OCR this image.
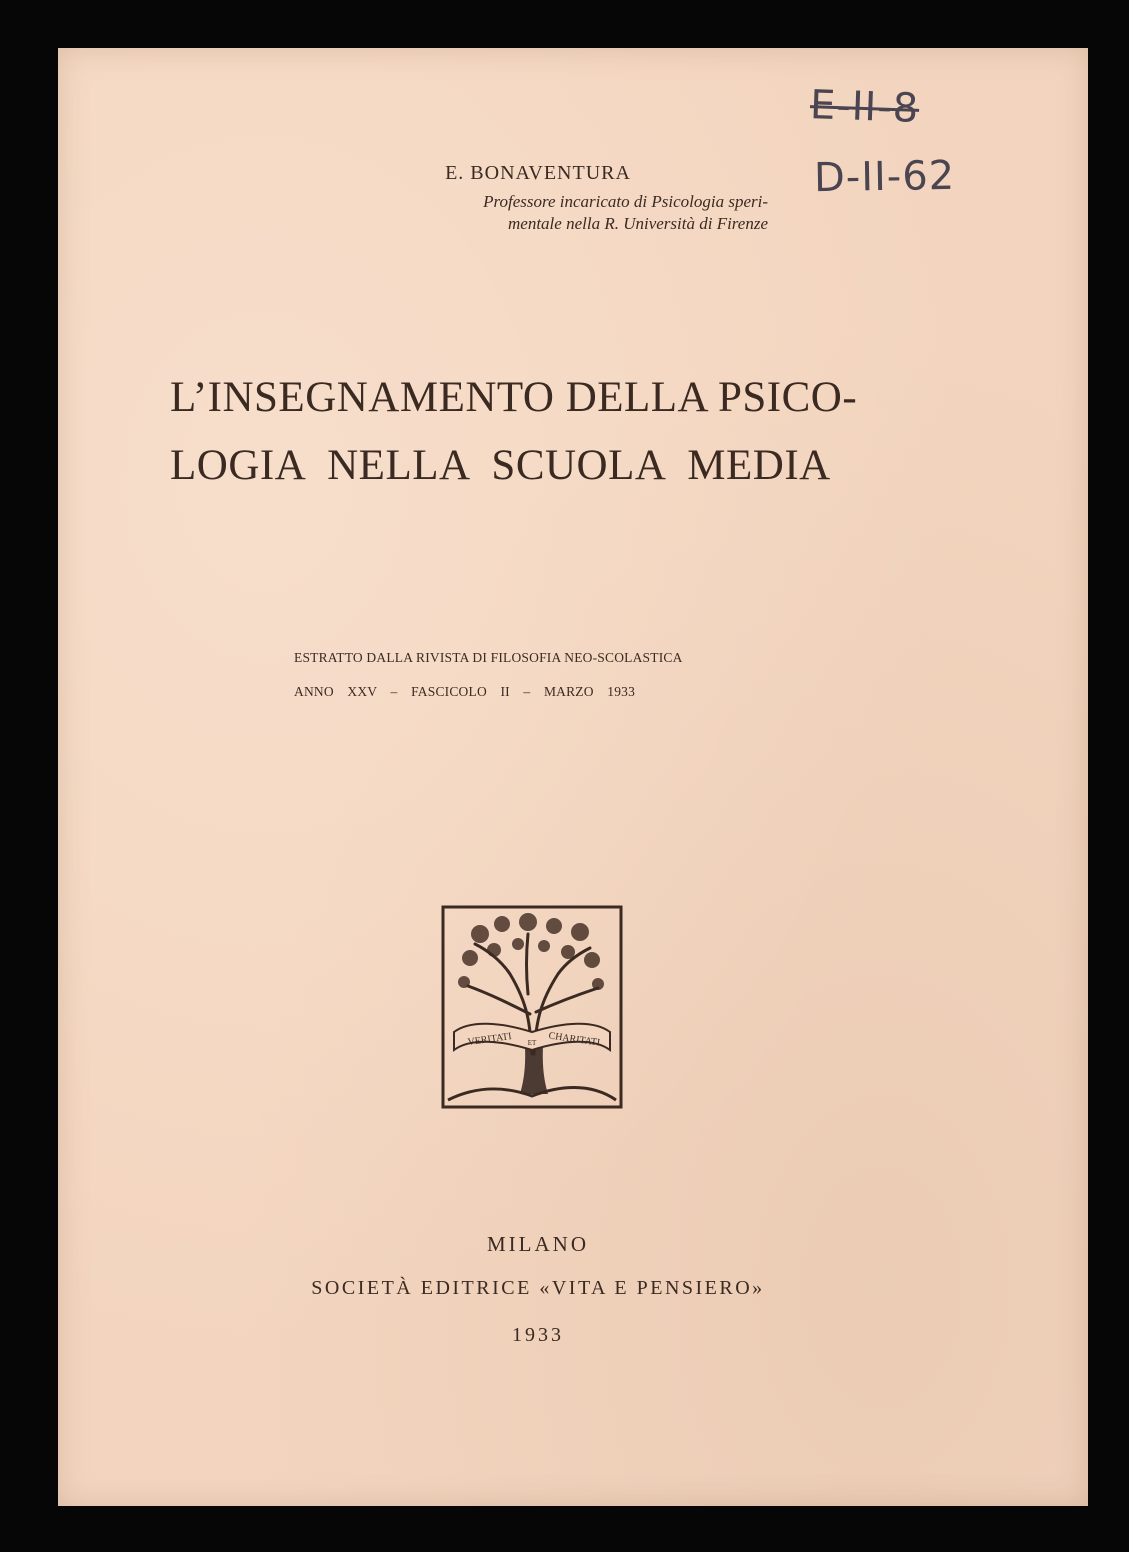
E-II-8
D-II-62

E. BONAVENTURA

Professore incaricato di Psicologia speri-

mentale nella R. Università di Firenze

L’INSEGNAMENTO DELLA PSICO-
LOGIA NELLA SCUOLA MEDIA
ESTRATTO DALLA RIVISTA DI FILOSOFIA NEO-SCOLASTICA
ANNO XXV – FASCICOLO II – MARZO 1933
VERITATI ET CHARITATI

MILANO

SOCIETÀ EDITRICE «VITA E PENSIERO»

1933
